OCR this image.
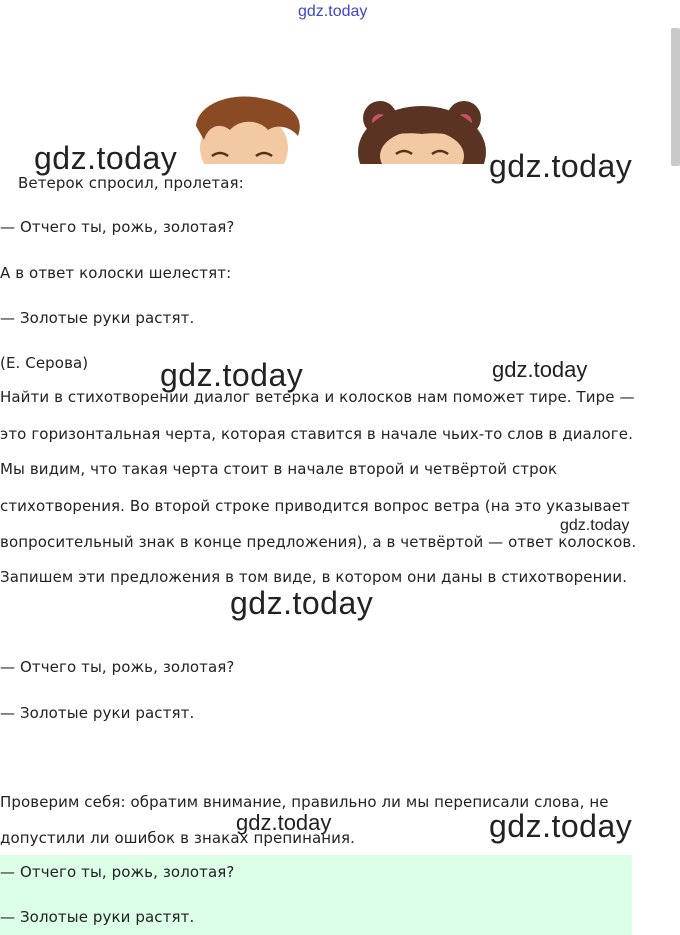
gdz.today
gdz.today	gdz.today
Ветерок спросил, пролетая:
— Отчего ты, рожь, золотая?
А в ответ колоски шелестят:
— Золотые руки растят.
(Е. Серова) gdz.today	gdz.today
Найти в стихотворении диалог ветерка и колосков нам поможет тире. Тире —
это горизонтальная черта, которая ставится в начале чьих-то слов в диалоге.
Мы видим, что такая черта стоит в начале второй и четвёртой строк
стихотворения. Во второй строке приводится вопрос ветра (на это указывает
gdz.today
вопросительный знак в конце предложения), а в четвёртой — ответ колосков.
Запишем эти предложения в том виде, в котором они даны в стихотворении.
gdz.today
— Отчего ты, рожь, золотая?
— Золотые руки растят.
Проверим себя: обратим внимание, правильно ли мы переписали слова, не
допустили ли ошибок в знаках препинания.
gdz.today	gdz.today
— Отчего ты, рожь, золотая?
— Золотые руки растят.
